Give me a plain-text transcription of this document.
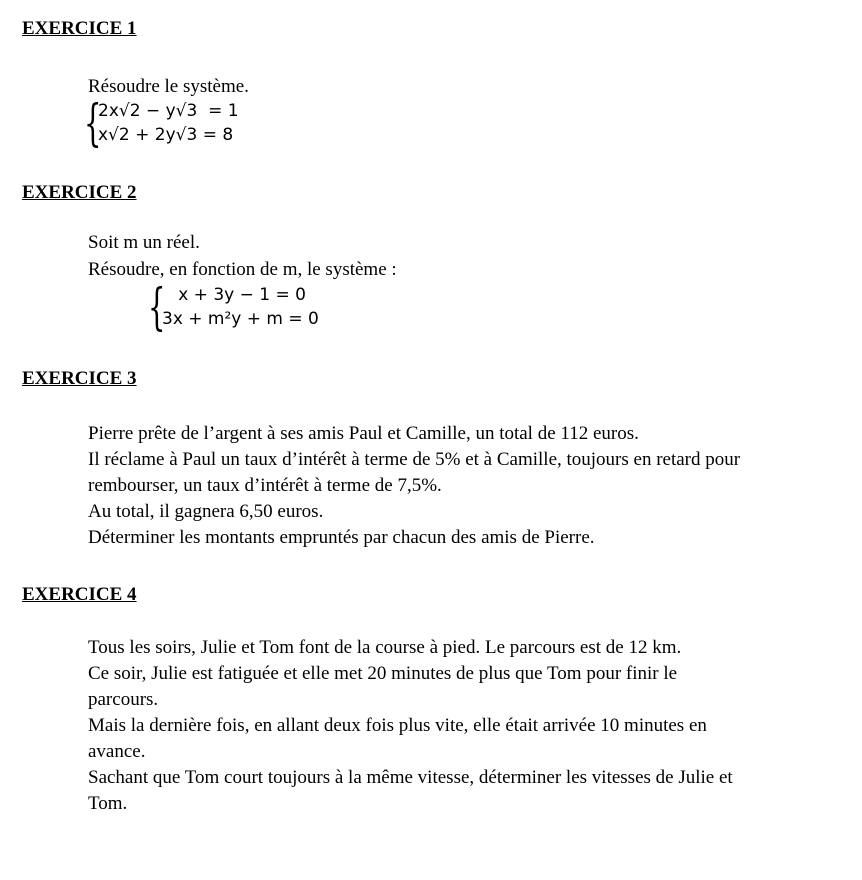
EXERCICE 1

Résoudre le système.

{
2x√2 − y√3  = 1
x√2 + 2y√3 = 8
EXERCICE 2

Soit m un réel.

Résoudre, en fonction de m, le système :

{
x + 3y − 1 = 0
3x + m²y + m = 0
EXERCICE 3
Pierre prête de l’argent à ses amis Paul et Camille, un total de 112 euros.
Il réclame à Paul un taux d’intérêt à terme de 5% et à Camille, toujours en retard pour
rembourser, un taux d’intérêt à terme de 7,5%.
Au total, il gagnera 6,50 euros.
Déterminer les montants empruntés par chacun des amis de Pierre.
EXERCICE 4
Tous les soirs, Julie et Tom font de la course à pied. Le parcours est de 12 km.
Ce soir, Julie est fatiguée et elle met 20 minutes de plus que Tom pour finir le
parcours.
Mais la dernière fois, en allant deux fois plus vite, elle était arrivée 10 minutes en
avance.
Sachant que Tom court toujours à la même vitesse, déterminer les vitesses de Julie et
Tom.
